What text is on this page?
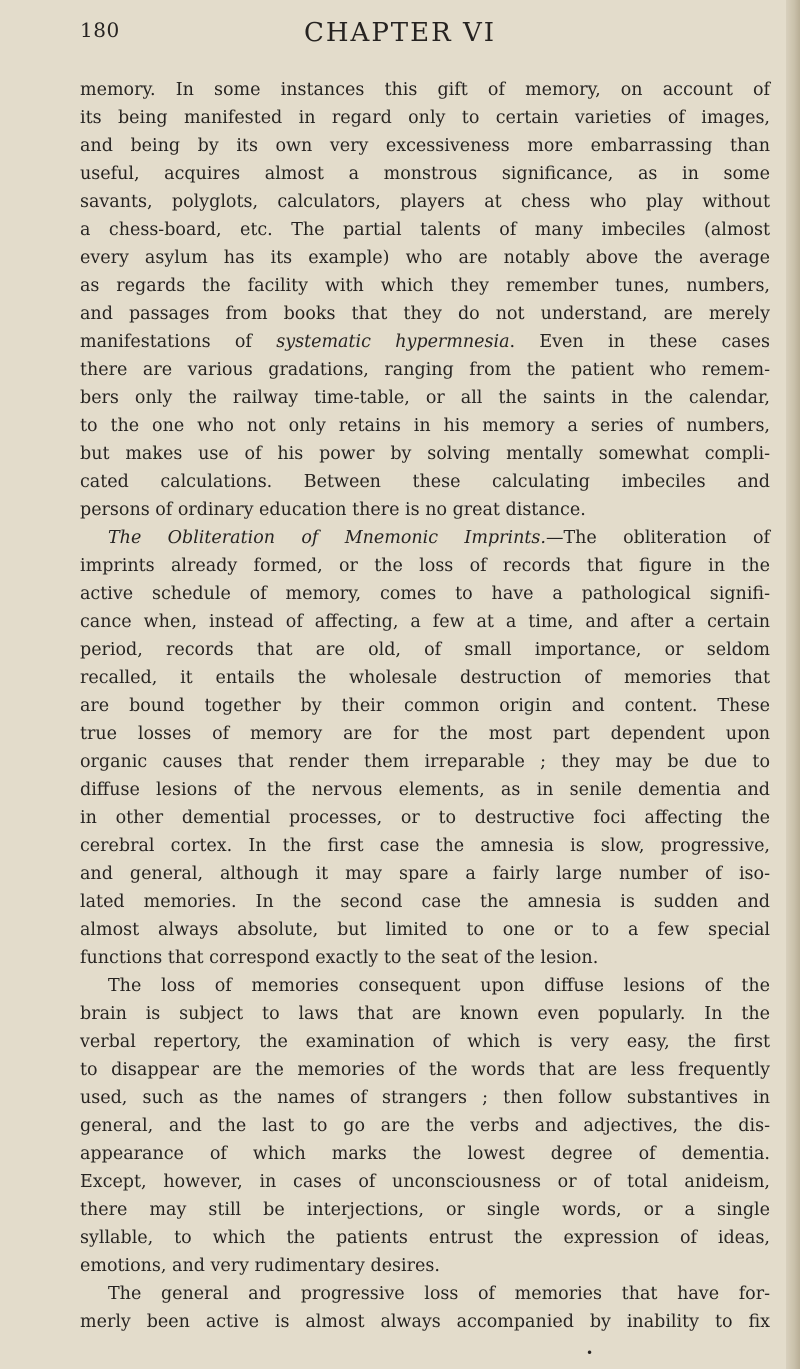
180	CHAPTER VI
memory. In some instances this gift of memory, on account of
its being manifested in regard only to certain varieties of images,
and being by its own very excessiveness more embarrassing than
useful, acquires almost a monstrous significance, as in some
savants, polyglots, calculators, players at chess who play without
a chess-board, etc. The partial talents of many imbeciles (almost
every asylum has its example) who are notably above the average
as regards the facility with which they remember tunes, numbers,
and passages from books that they do not understand, are merely
manifestations of systematic hypermnesia. Even in these cases
there are various gradations, ranging from the patient who remem-
bers only the railway time-table, or all the saints in the calendar,
to the one who not only retains in his memory a series of numbers,
but makes use of his power by solving mentally somewhat compli-
cated calculations. Between these calculating imbeciles and
persons of ordinary education there is no great distance.
The Obliteration of Mnemonic Imprints.—The obliteration of
imprints already formed, or the loss of records that figure in the
active schedule of memory, comes to have a pathological signifi-
cance when, instead of affecting, a few at a time, and after a certain
period, records that are old, of small importance, or seldom
recalled, it entails the wholesale destruction of memories that
are bound together by their common origin and content. These
true losses of memory are for the most part dependent upon
organic causes that render them irreparable ; they may be due to
diffuse lesions of the nervous elements, as in senile dementia and
in other demential processes, or to destructive foci affecting the
cerebral cortex. In the first case the amnesia is slow, progressive,
and general, although it may spare a fairly large number of iso-
lated memories. In the second case the amnesia is sudden and
almost always absolute, but limited to one or to a few special
functions that correspond exactly to the seat of the lesion.
The loss of memories consequent upon diffuse lesions of the
brain is subject to laws that are known even popularly. In the
verbal repertory, the examination of which is very easy, the first
to disappear are the memories of the words that are less frequently
used, such as the names of strangers ; then follow substantives in
general, and the last to go are the verbs and adjectives, the dis-
appearance of which marks the lowest degree of dementia.
Except, however, in cases of unconsciousness or of total anideism,
there may still be interjections, or single words, or a single
syllable, to which the patients entrust the expression of ideas,
emotions, and very rudimentary desires.
The general and progressive loss of memories that have for-
merly been active is almost always accompanied by inability to fix
•
